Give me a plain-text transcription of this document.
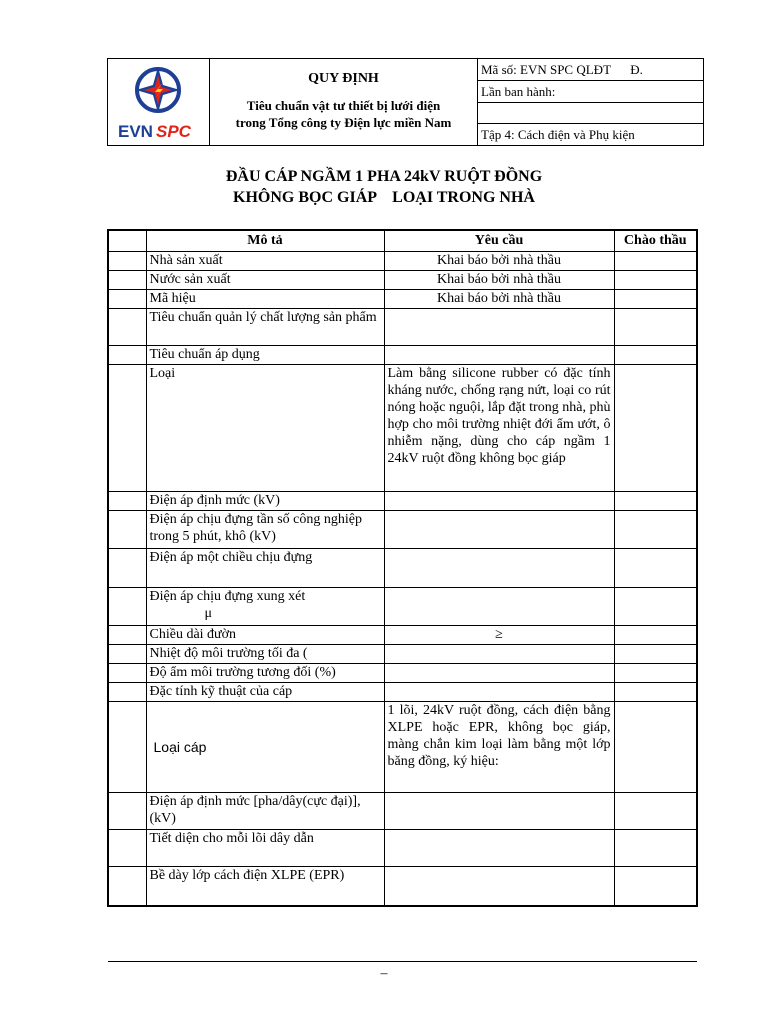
EVN SPC

QUY ĐỊNH
Tiêu chuẩn vật tư thiết bị lưới điện
trong Tổng công ty Điện lực miền Nam
	Mã số: EVN SPC QLĐT      Đ.
Lần ban hành:

Tập 4: Cách điện và Phụ kiện
ĐẦU CÁP NGẦM 1 PHA 24kV RUỘT ĐỒNG
KHÔNG BỌC GIÁP    LOẠI TRONG NHÀ
	Mô tả	Yêu cầu	Chào thầu
	Nhà sản xuất	Khai báo bởi nhà thầu	
	Nước sản xuất	Khai báo bởi nhà thầu	
	Mã hiệu	Khai báo bởi nhà thầu	
	Tiêu chuẩn quản lý chất lượng sản phẩm		
	Tiêu chuẩn áp dụng		
	Loại	Làm bằng silicone rubber có đặc tính kháng nước, chống rạng nứt, loại co rút nóng hoặc nguội, lắp đặt trong nhà, phù hợp cho môi trường nhiệt đới ẩm ướt, ô nhiễm nặng, dùng cho cáp ngầm 1 24kV ruột đồng không bọc giáp	
	Điện áp định mức (kV)		
	Điện áp chịu đựng tần số công nghiệp trong 5 phút, khô (kV)		
	Điện áp một chiều chịu đựng		
	Điện áp chịu đựng xung xét
μ		

	Chiều dài đườn	≥	
	Nhiệt độ môi trường tối đa (		
	Độ ẩm môi trường tương đối (%)		
	Đặc tính kỹ thuật của cáp		
	Loại cáp	1 lõi, 24kV ruột đồng, cách điện bằng XLPE hoặc EPR, không bọc giáp, màng chắn kim loại làm bằng một lớp băng đồng, ký hiệu:	
	Điện áp định mức [pha/dây(cực đại)], (kV)		
	Tiết diện cho mỗi lõi dây dẫn		
	Bề dày lớp cách điện XLPE (EPR)		
–
